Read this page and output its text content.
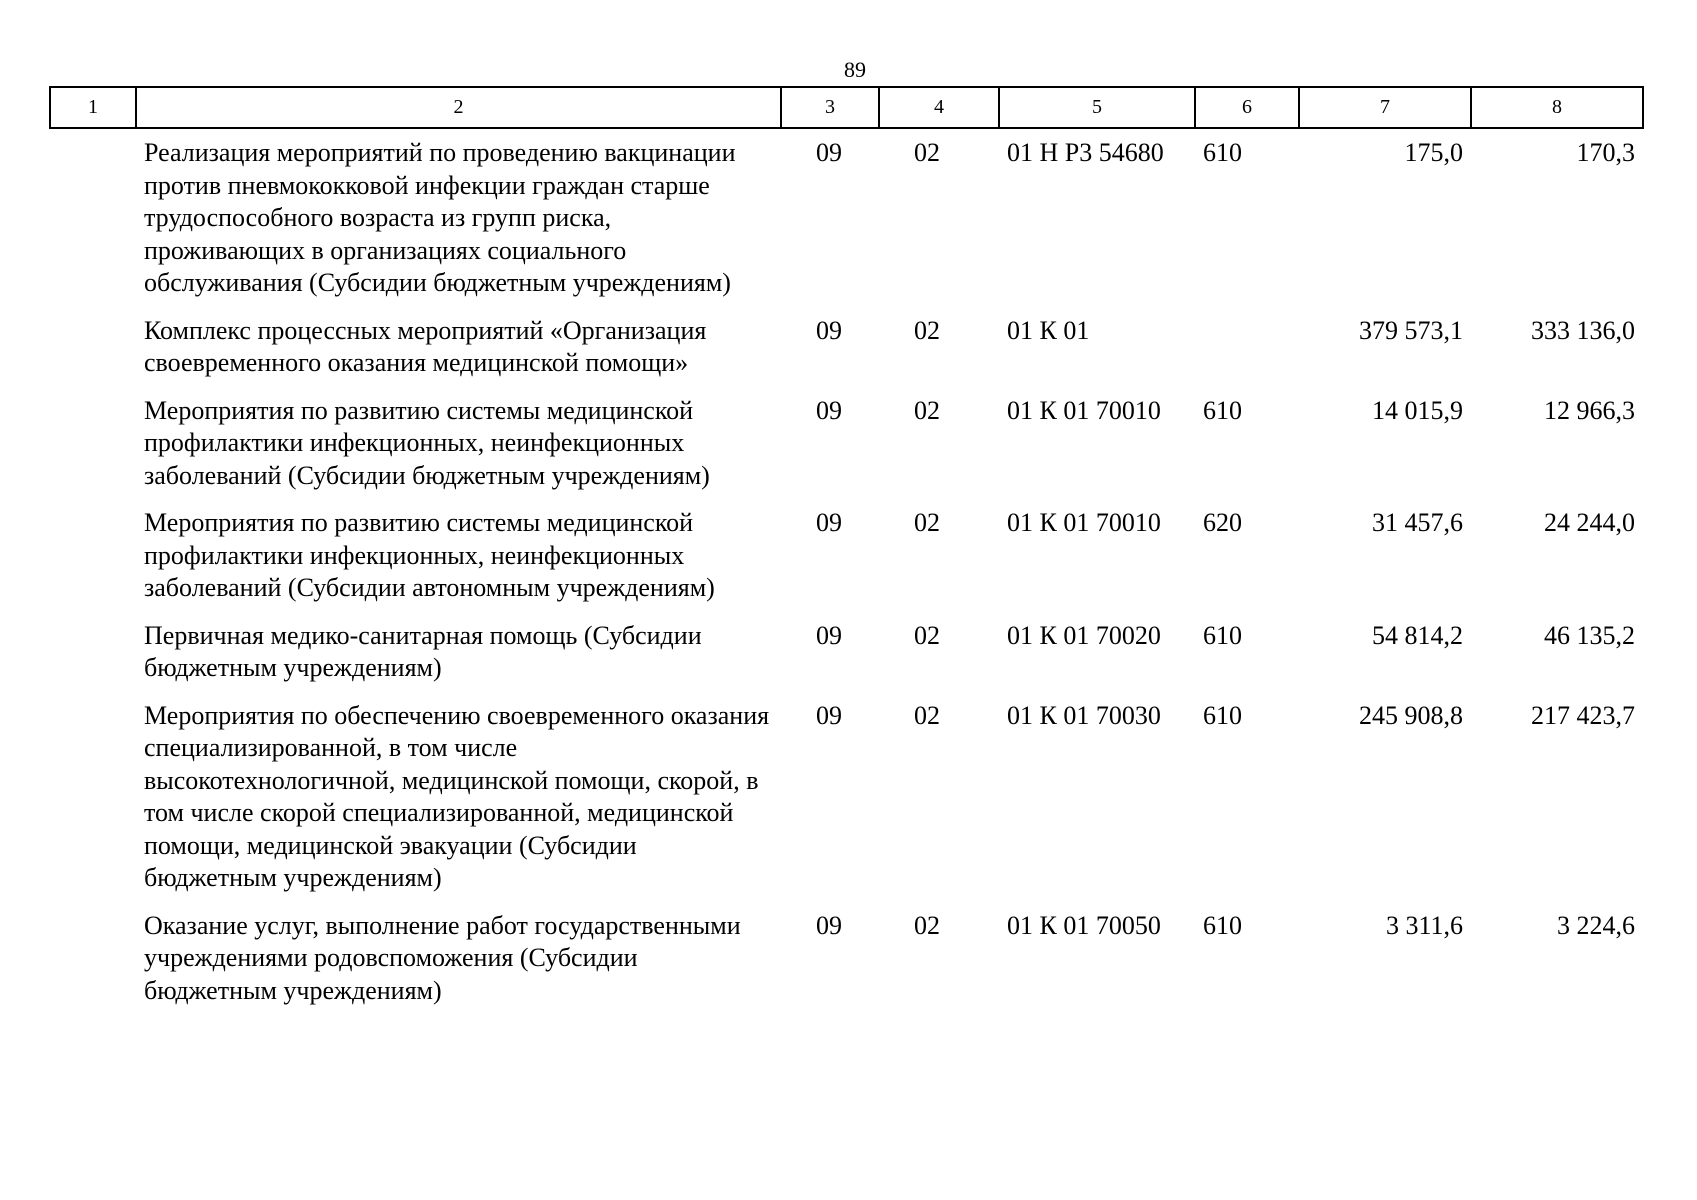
89
1	2	3	4	5	6	7	8
	Реализация мероприятий по проведению вакцинации против пневмококковой инфекции граждан старше трудоспособного возраста из групп риска, проживающих в организациях социального обслуживания (Субсидии бюджетным учреждениям)	09	02	01 Н Р3 54680	610	175,0	170,3
	Комплекс процессных мероприятий «Организация своевременного оказания медицинской помощи»	09	02	01 К 01		379 573,1	333 136,0
	Мероприятия по развитию системы медицинской профилактики инфекционных, неинфекционных заболеваний (Субсидии бюджетным учреждениям)	09	02	01 К 01 70010	610	14 015,9	12 966,3
	Мероприятия по развитию системы медицинской профилактики инфекционных, неинфекционных заболеваний (Субсидии автономным учреждениям)	09	02	01 К 01 70010	620	31 457,6	24 244,0
	Первичная медико-санитарная помощь (Субсидии бюджетным учреждениям)	09	02	01 К 01 70020	610	54 814,2	46 135,2
	Мероприятия по обеспечению своевременного оказания специализированной, в том числе высокотехнологичной, медицинской помощи, скорой, в том числе скорой специализированной, медицинской помощи, медицинской эвакуации (Субсидии бюджетным учреждениям)	09	02	01 К 01 70030	610	245 908,8	217 423,7
	Оказание услуг, выполнение работ государственными учреждениями родовспоможения (Субсидии бюджетным учреждениям)	09	02	01 К 01 70050	610	3 311,6	3 224,6
